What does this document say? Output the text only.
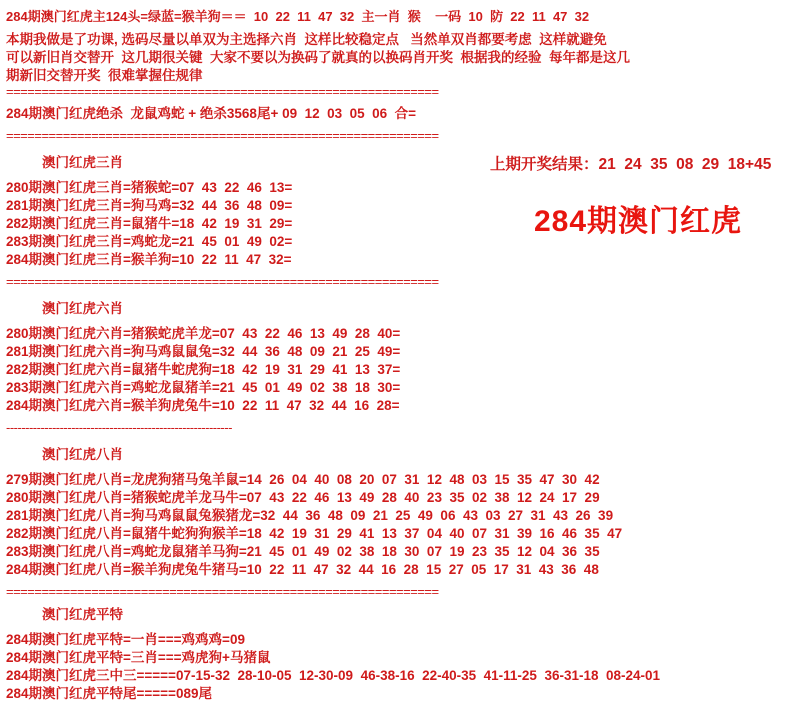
284期澳门红虎主124头=绿蓝=猴羊狗＝＝  10  22  11  47  32  主一肖  猴    一码  10  防  22  11  47  32
本期我做是了功课, 选码尽量以单双为主选择六肖  这样比较稳定点   当然单双肖都要考虑  这样就避免
可以新旧肖交替开  这几期很关键  大家不要以为换码了就真的以换码肖开奖  根据我的经验  每年都是这几
期新旧交替开奖  很难掌握住规律
=============================================================
284期澳门红虎绝杀  龙鼠鸡蛇 + 绝杀3568尾+ 09  12  03  05  06  合=
=============================================================
澳门红虎三肖
280期澳门红虎三肖=猪猴蛇=07  43  22  46  13=
281期澳门红虎三肖=狗马鸡=32  44  36  48  09=
282期澳门红虎三肖=鼠猪牛=18  42  19  31  29=
283期澳门红虎三肖=鸡蛇龙=21  45  01  49  02=
284期澳门红虎三肖=猴羊狗=10  22  11  47  32=
=============================================================
澳门红虎六肖
280期澳门红虎六肖=猪猴蛇虎羊龙=07  43  22  46  13  49  28  40=
281期澳门红虎六肖=狗马鸡鼠鼠兔=32  44  36  48  09  21  25  49=
282期澳门红虎六肖=鼠猪牛蛇虎狗=18  42  19  31  29  41  13  37=
283期澳门红虎六肖=鸡蛇龙鼠猪羊=21  45  01  49  02  38  18  30=
284期澳门红虎六肖=猴羊狗虎兔牛=10  22  11  47  32  44  16  28=
-----------------------------------------------------------
澳门红虎八肖
279期澳门红虎八肖=龙虎狗猪马兔羊鼠=14  26  04  40  08  20  07  31  12  48  03  15  35  47  30  42
280期澳门红虎八肖=猪猴蛇虎羊龙马牛=07  43  22  46  13  49  28  40  23  35  02  38  12  24  17  29
281期澳门红虎八肖=狗马鸡鼠鼠兔猴猪龙=32  44  36  48  09  21  25  49  06  43  03  27  31  43  26  39
282期澳门红虎八肖=鼠猪牛蛇狗狗猴羊=18  42  19  31  29  41  13  37  04  40  07  31  39  16  46  35  47
283期澳门红虎八肖=鸡蛇龙鼠猪羊马狗=21  45  01  49  02  38  18  30  07  19  23  35  12  04  36  35
284期澳门红虎八肖=猴羊狗虎兔牛猪马=10  22  11  47  32  44  16  28  15  27  05  17  31  43  36  48
=============================================================
澳门红虎平特
284期澳门红虎平特=一肖===鸡鸡鸡=09
284期澳门红虎平特=三肖===鸡虎狗+马猪鼠
284期澳门红虎三中三=====07-15-32  28-10-05  12-30-09  46-38-16  22-40-35  41-11-25  36-31-18  08-24-01
284期澳门红虎平特尾=====089尾
上期开奖结果：21  24  35  08  29  18+45
284期澳门红虎
